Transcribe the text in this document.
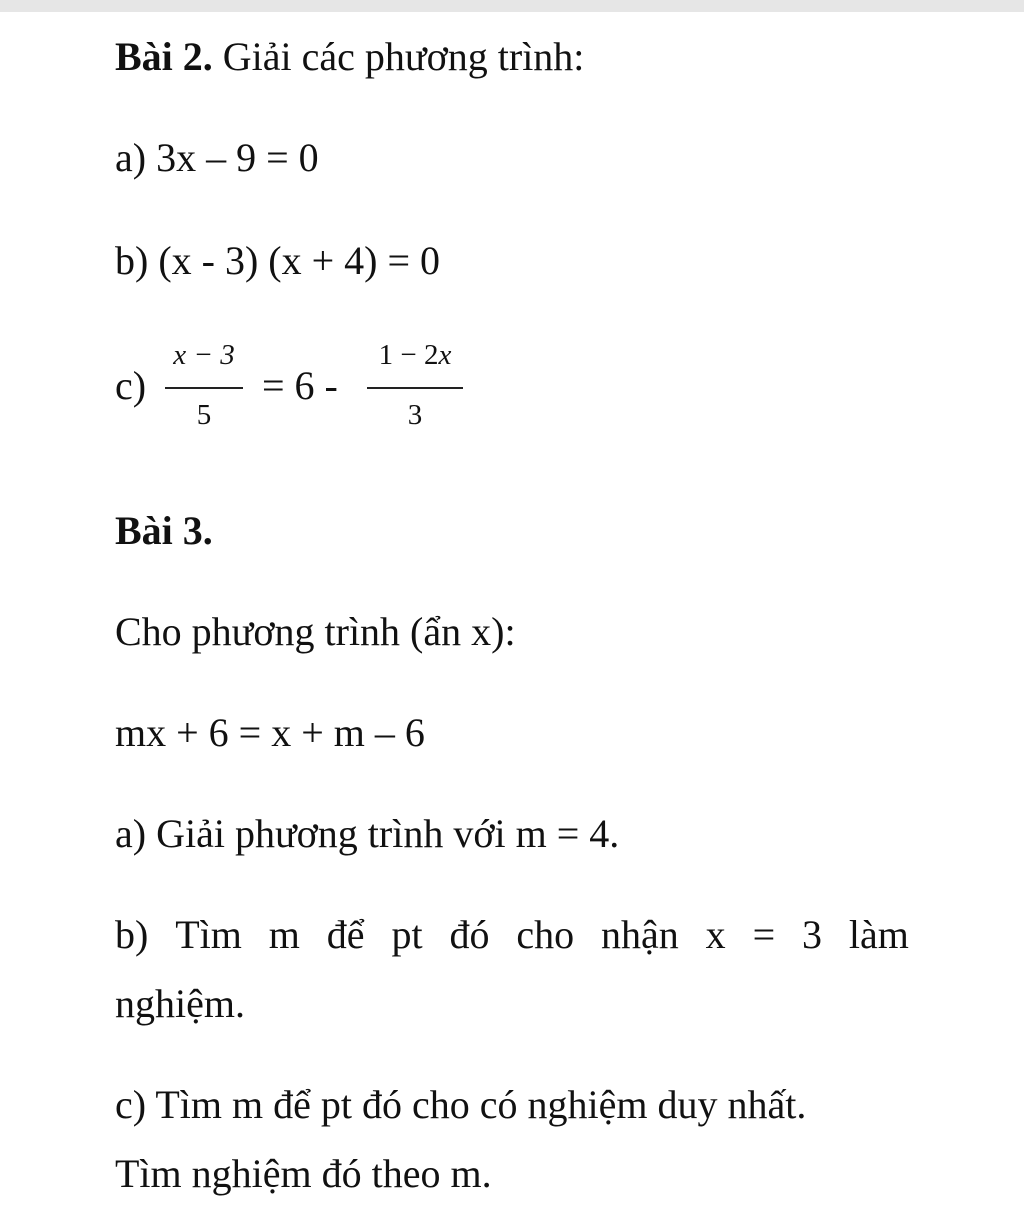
Bài 2. Giải các phương trình:
a) 3x – 9 = 0
b) (x - 3) (x + 4) = 0
c)
x − 3
5
= 6 -
1 − 2x
3
Bài 3.
Cho phương trình (ẩn x):
mx + 6 = x + m – 6
a) Giải phương trình với m = 4.
b) Tìm m để pt đó cho nhận x = 3 làm
nghiệm.
c) Tìm m để pt đó cho có nghiệm duy nhất.
Tìm nghiệm đó theo m.
